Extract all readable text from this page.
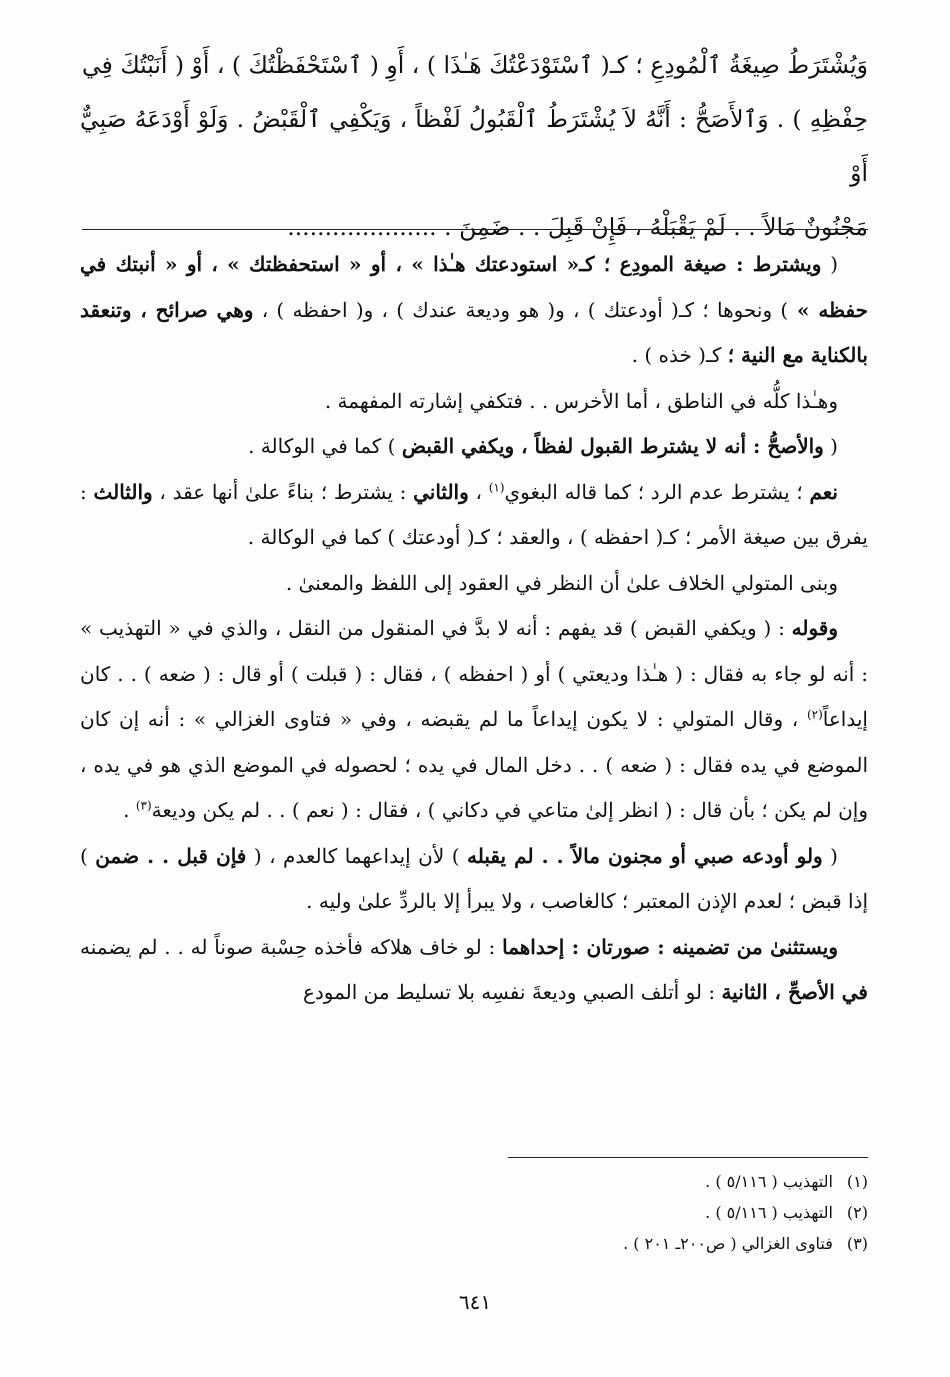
وَيُشْتَرَطُ صِيغَةُ ٱلْمُودِعِ ؛ كـ( ٱسْتَوْدَعْتُكَ هَـٰذَا ) ، أَوِ ( ٱسْتَحْفَظْتُكَ ) ، أَوْ ( أَنَبْتُكَ فِي
حِفْظِهِ ) . وَٱلأَصَحُّ : أَنَّهُ لاَ يُشْتَرَطُ ٱلْقَبُولُ لَفْظاً ، وَيَكْفِي ٱلْقَبْضُ . وَلَوْ أَوْدَعَهُ صَبِيٌّ أَوْ
مَجْنُونٌ مَالاً . . لَمْ يَقْبَلْهُ ، فَإِنْ قَبِلَ . . ضَمِنَ . ....................

( ويشترط : صيغة المودِع ؛ كـ« استودعتك هـٰذا » ، أو « استحفظتك » ، أو « أنبتك في حفظه » ) ونحوها ؛ كـ( أودعتك ) ، و( هو وديعة عندك ) ، و( احفظه ) ، وهي صرائح ، وتنعقد بالكناية مع النية ؛ كـ( خذه ) .

وهـٰذا كلُّه في الناطق ، أما الأخرس . . فتكفي إشارته المفهمة .

( والأصحُّ : أنه لا يشترط القبول لفظاً ، ويكفي القبض ) كما في الوكالة .

نعم ؛ يشترط عدم الرد ؛ كما قاله البغوي$^{(١)}$ ، والثاني : يشترط ؛ بناءً علىٰ أنها عقد ، والثالث : يفرق بين صيغة الأمر ؛ كـ( احفظه ) ، والعقد ؛ كـ( أودعتك ) كما في الوكالة .

وبنى المتولي الخلاف علىٰ أن النظر في العقود إلى اللفظ والمعنىٰ .

وقوله : ( ويكفي القبض ) قد يفهم : أنه لا بدَّ في المنقول من النقل ، والذي في « التهذيب » : أنه لو جاء به فقال : ( هـٰذا وديعتي ) أو ( احفظه ) ، فقال : ( قبلت ) أو قال : ( ضعه ) . . كان إيداعاً$^{(٢)}$ ، وقال المتولي : لا يكون إيداعاً ما لم يقبضه ، وفي « فتاوى الغزالي » : أنه إن كان الموضع في يده فقال : ( ضعه ) . . دخل المال في يده ؛ لحصوله في الموضع الذي هو في يده ، وإن لم يكن ؛ بأن قال : ( انظر إلىٰ متاعي في دكاني ) ، فقال : ( نعم ) . . لم يكن وديعة$^{(٣)}$ .

( ولو أودعه صبي أو مجنون مالاً . . لم يقبله ) لأن إيداعهما كالعدم ، ( فإن قبل . . ضمن ) إذا قبض ؛ لعدم الإذن المعتبر ؛ كالغاصب ، ولا يبرأ إلا بالردِّ علىٰ وليه .

ويستثنىٰ من تضمينه : صورتان : إحداهما : لو خاف هلاكه فأخذه حِسْبة صوناً له . . لم يضمنه في الأصحِّ ، الثانية : لو أتلف الصبي وديعةَ نفسِه بلا تسليط من المودع

(١)التهذيب ( ٥/١١٦ ) .
(٢)التهذيب ( ٥/١١٦ ) .
(٣)فتاوى الغزالي ( ص٢٠٠ـ ٢٠١ ) .
٦٤١
